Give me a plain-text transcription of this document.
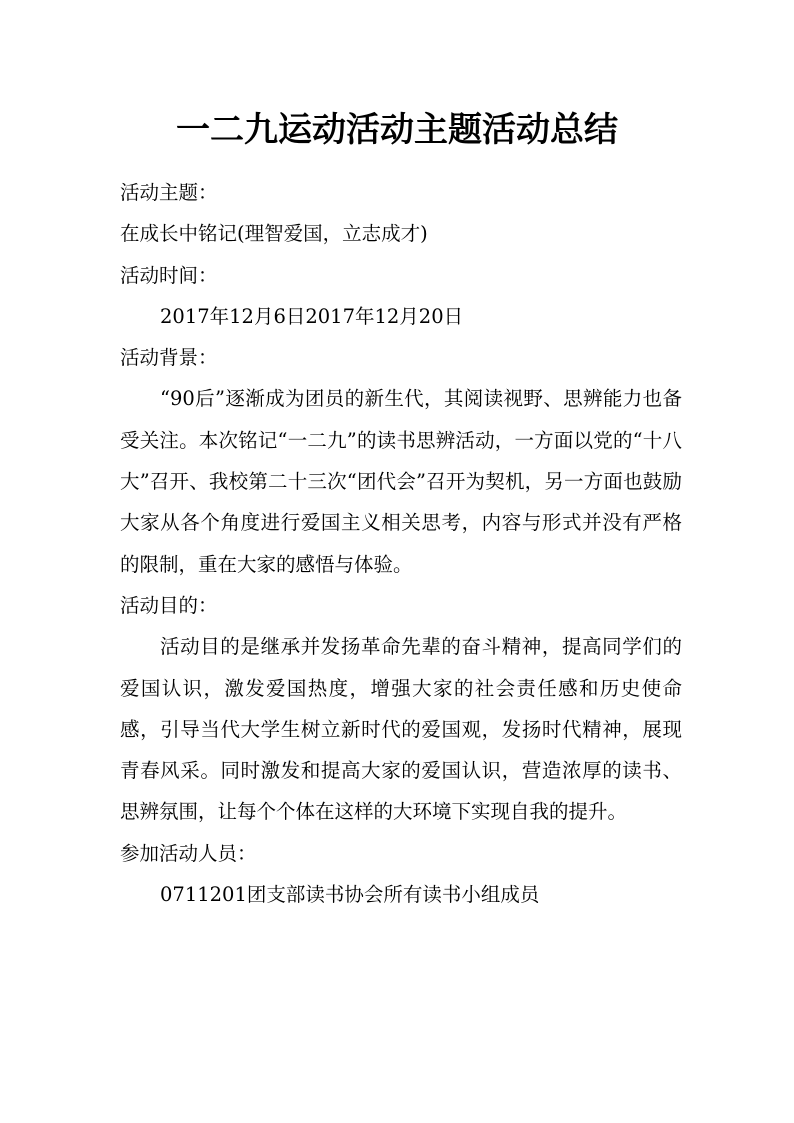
一二九运动活动主题活动总结

活动主题：

在成长中铭记(理智爱国，立志成才)

活动时间：

2017年12月6日2017年12月20日

活动背景：

“90后”逐渐成为团员的新生代，其阅读视野、思辨能力也备受关注。本次铭记“一二九”的读书思辨活动，一方面以党的“十八大”召开、我校第二十三次“团代会”召开为契机，另一方面也鼓励大家从各个角度进行爱国主义相关思考，内容与形式并没有严格的限制，重在大家的感悟与体验。

活动目的：

活动目的是继承并发扬革命先辈的奋斗精神，提高同学们的爱国认识，激发爱国热度，增强大家的社会责任感和历史使命感，引导当代大学生树立新时代的爱国观，发扬时代精神，展现青春风采。同时激发和提高大家的爱国认识，营造浓厚的读书、思辨氛围，让每个个体在这样的大环境下实现自我的提升。

参加活动人员：

0711201团支部读书协会所有读书小组成员
